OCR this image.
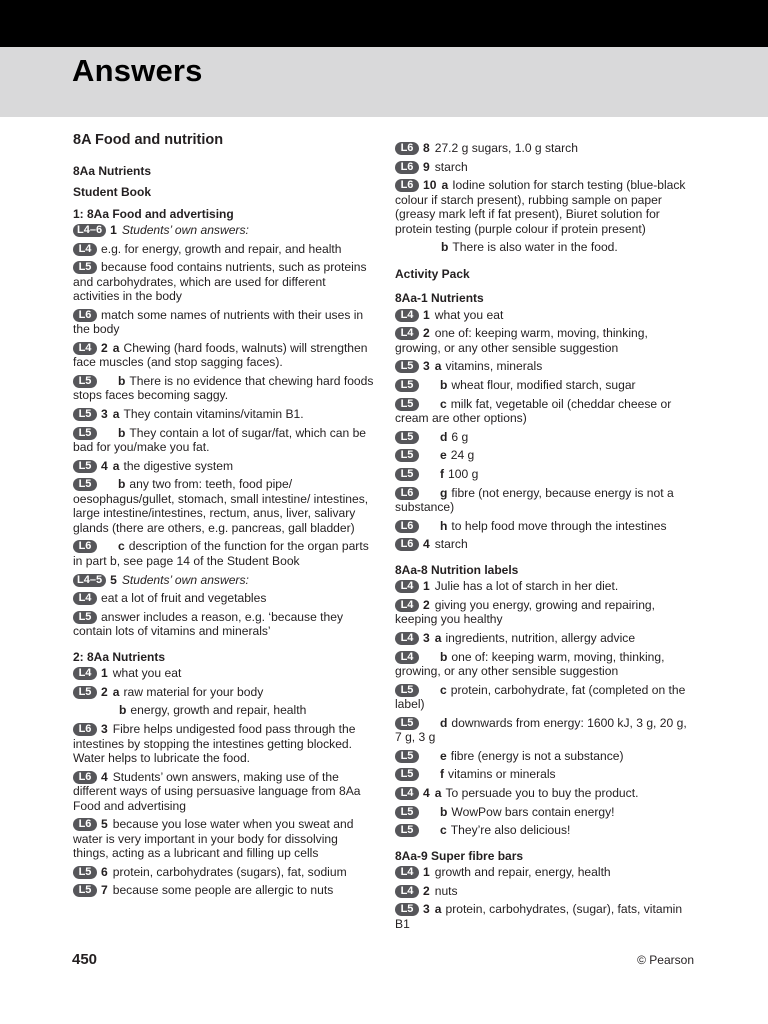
Answers
8A Food and nutrition
8Aa Nutrients
Student Book
1: 8Aa Food and advertising
L4–6 1 Students’ own answers:
L4 e.g. for energy, growth and repair, and health
L5 because food contains nutrients, such as proteins and carbohydrates, which are used for different activities in the body
L6 match some names of nutrients with their uses in the body
L4 2 a Chewing (hard foods, walnuts) will strengthen face muscles (and stop sagging faces).
L5 b There is no evidence that chewing hard foods stops faces becoming saggy.
L5 3 a They contain vitamins/vitamin B1.
L5 b They contain a lot of sugar/fat, which can be bad for you/make you fat.
L5 4 a the digestive system
L5 b any two from: teeth, food pipe/ oesophagus/gullet, stomach, small intestine/ intestines, large intestine/intestines, rectum, anus, liver, salivary glands (there are others, e.g. pancreas, gall bladder)
L6 c description of the function for the organ parts in part b, see page 14 of the Student Book
L4–5 5 Students’ own answers:
L4 eat a lot of fruit and vegetables
L5 answer includes a reason, e.g. ‘because they contain lots of vitamins and minerals’
2: 8Aa Nutrients
L4 1 what you eat
L5 2 a raw material for your body
b energy, growth and repair, health
L6 3 Fibre helps undigested food pass through the intestines by stopping the intestines getting blocked. Water helps to lubricate the food.
L6 4 Students’ own answers, making use of the different ways of using persuasive language from 8Aa Food and advertising
L6 5 because you lose water when you sweat and water is very important in your body for dissolving things, acting as a lubricant and filling up cells
L5 6 protein, carbohydrates (sugars), fat, sodium
L5 7 because some people are allergic to nuts
L6 8 27.2 g sugars, 1.0 g starch
L6 9 starch
L6 10 a Iodine solution for starch testing (blue-black colour if starch present), rubbing sample on paper (greasy mark left if fat present), Biuret solution for protein testing (purple colour if protein present)
b There is also water in the food.
Activity Pack
8Aa-1 Nutrients
L4 1 what you eat
L4 2 one of: keeping warm, moving, thinking, growing, or any other sensible suggestion
L5 3 a vitamins, minerals
L5 b wheat flour, modified starch, sugar
L5 c milk fat, vegetable oil (cheddar cheese or cream are other options)
L5 d 6 g
L5 e 24 g
L5 f 100 g
L6 g fibre (not energy, because energy is not a substance)
L6 h to help food move through the intestines
L6 4 starch
8Aa-8 Nutrition labels
L4 1 Julie has a lot of starch in her diet.
L4 2 giving you energy, growing and repairing, keeping you healthy
L4 3 a ingredients, nutrition, allergy advice
L4 b one of: keeping warm, moving, thinking, growing, or any other sensible suggestion
L5 c protein, carbohydrate, fat (completed on the label)
L5 d downwards from energy: 1600 kJ, 3 g, 20 g, 7 g, 3 g
L5 e fibre (energy is not a substance)
L5 f vitamins or minerals
L4 4 a To persuade you to buy the product.
L5 b WowPow bars contain energy!
L5 c They’re also delicious!
8Aa-9 Super fibre bars
L4 1 growth and repair, energy, health
L4 2 nuts
L5 3 a protein, carbohydrates, (sugar), fats, vitamin B1
450	© Pearson
